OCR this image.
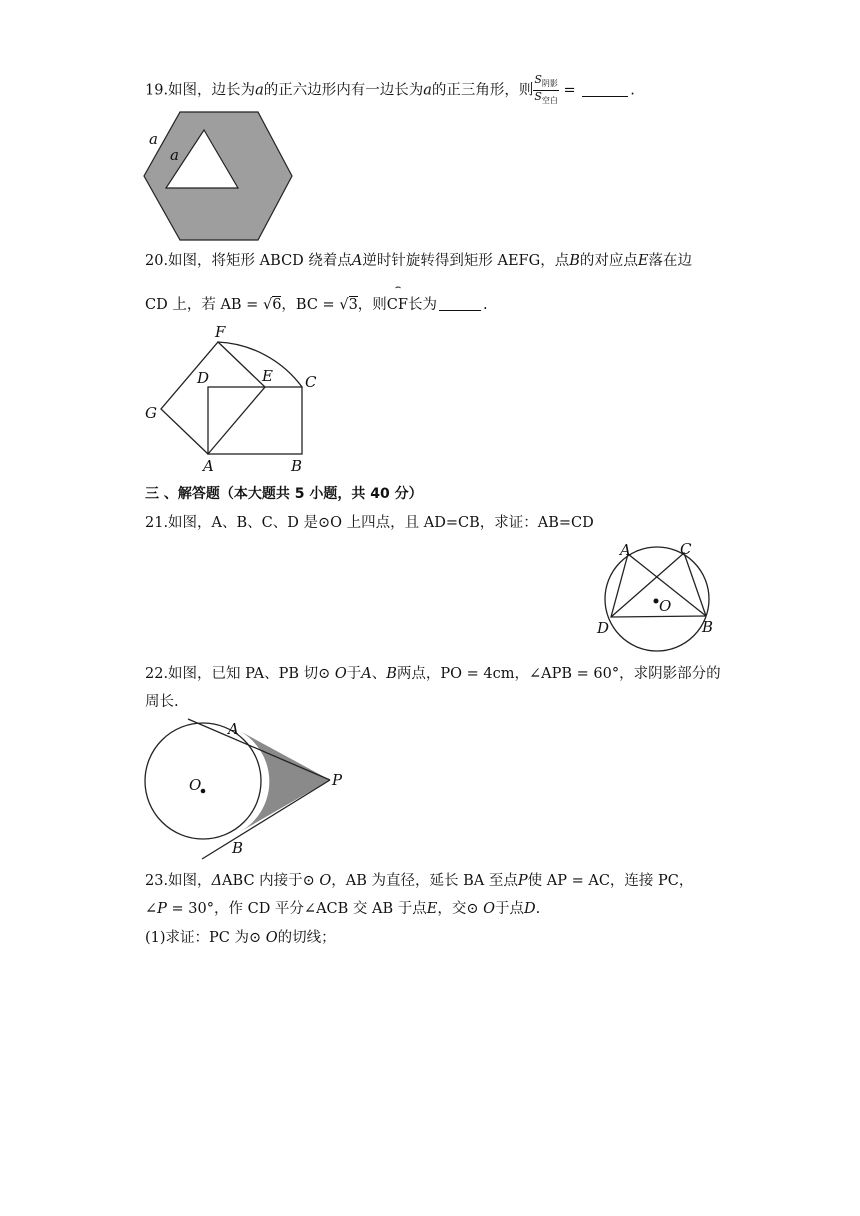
19.如图，边长为a的正六边形内有一边长为a的正三角形，则 $\frac{S_{阴影}}{S_{空白}}$ =	.
a
a
20.如图，将矩形 ABCD 绕着点A逆时针旋转得到矩形 AEFG，点B的对应点E落在边
CD 上，若 AB = √6，BC = √3，则
⌢
CF长为	.
F
D	E C
G
A	B
三 、解答题（本大题共 5 小题，共 40 分）
21.如图，A、B、C、D 是⊙O 上四点，且 AD=CB，求证：AB=CD
A	C
O
D	B
22.如图，已知 PA、PB 切⊙ O于A、B两点，PO = 4cm，∠APB = 60°，求阴影部分的
周长.
A
O	P
B
23.如图，ΔABC 内接于⊙ O，AB 为直径，延长 BA 至点P使 AP = AC，连接 PC，
∠P = 30°，作 CD 平分∠ACB 交 AB 于点E，交⊙ O于点D.
(1)求证：PC 为⊙ O的切线；
